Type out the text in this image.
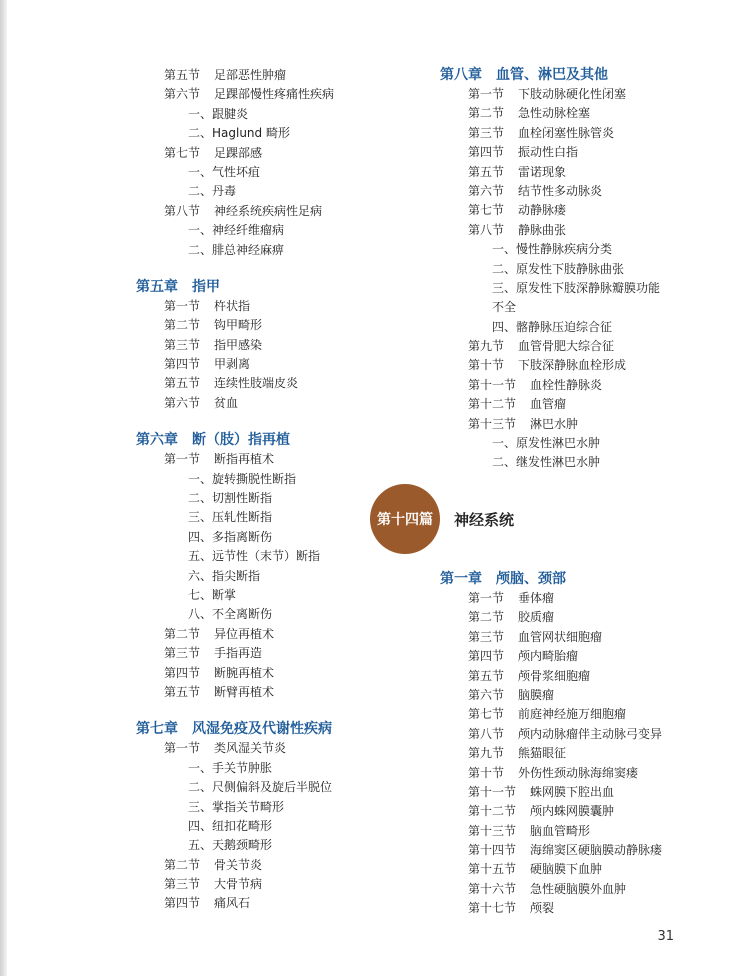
第五节 足部恶性肿瘤
第六节 足踝部慢性疼痛性疾病
一、跟腱炎
二、Haglund 畸形
第七节 足踝部感
一、气性坏疽
二、丹毒
第八节 神经系统疾病性足病
一、神经纤维瘤病
二、腓总神经麻痹
第五章 指甲
第一节 杵状指
第二节 钩甲畸形
第三节 指甲感染
第四节 甲剥离
第五节 连续性肢端皮炎
第六节 贫血
第六章 断（肢）指再植
第一节 断指再植术
一、旋转撕脱性断指
二、切割性断指
三、压轧性断指
四、多指离断伤
五、远节性（末节）断指
六、指尖断指
七、断掌
八、不全离断伤
第二节 异位再植术
第三节 手指再造
第四节 断腕再植术
第五节 断臂再植术
第七章 风湿免疫及代谢性疾病
第一节 类风湿关节炎
一、手关节肿胀
二、尺侧偏斜及旋后半脱位
三、掌指关节畸形
四、纽扣花畸形
五、天鹅颈畸形
第二节 骨关节炎
第三节 大骨节病
第四节 痛风石
第八章 血管、淋巴及其他
第一节 下肢动脉硬化性闭塞
第二节 急性动脉栓塞
第三节 血栓闭塞性脉管炎
第四节 振动性白指
第五节 雷诺现象
第六节 结节性多动脉炎
第七节 动静脉瘘
第八节 静脉曲张
一、慢性静脉疾病分类
二、原发性下肢静脉曲张
三、原发性下肢深静脉瓣膜功能
不全
四、髂静脉压迫综合征
第九节 血管骨肥大综合征
第十节 下肢深静脉血栓形成
第十一节 血栓性静脉炎
第十二节 血管瘤
第十三节 淋巴水肿
一、原发性淋巴水肿
二、继发性淋巴水肿
第十四篇	神经系统
第一章 颅脑、颈部
第一节 垂体瘤
第二节 胶质瘤
第三节 血管网状细胞瘤
第四节 颅内畸胎瘤
第五节 颅骨浆细胞瘤
第六节 脑膜瘤
第七节 前庭神经施万细胞瘤
第八节 颅内动脉瘤伴主动脉弓变异
第九节 熊猫眼征
第十节 外伤性颈动脉海绵窦瘘
第十一节 蛛网膜下腔出血
第十二节 颅内蛛网膜囊肿
第十三节 脑血管畸形
第十四节 海绵窦区硬脑膜动静脉瘘
第十五节 硬脑膜下血肿
第十六节 急性硬脑膜外血肿
第十七节 颅裂
31
